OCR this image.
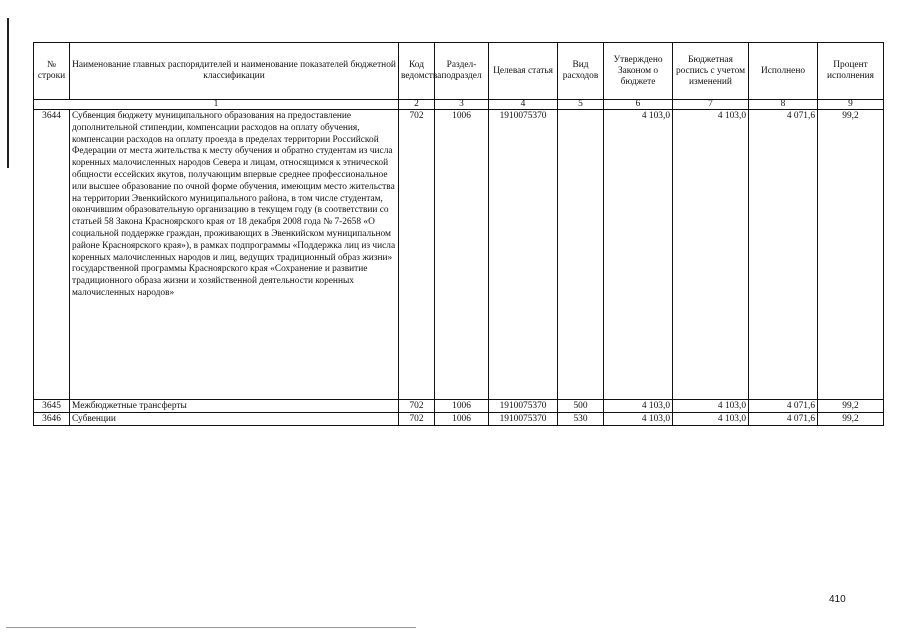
№ строки	Наименование главных распорядителей и наименование показателей бюджетной классификации	Код ведомства	Раздел-подраздел	Целевая статья	Вид расходов	Утверждено Законом о бюджете	Бюджетная роспись с учетом изменений	Исполнено	Процент исполнения
1		2	3	4	5	6	7	8	9
3644	Субвенция бюджету муниципального образования на предоставление дополнительной стипендии, компенсации расходов на оплату обучения, компенсации расходов на оплату проезда в пределах территории Российской Федерации от места жительства к месту обучения и обратно студентам из числа коренных малочисленных народов Севера и лицам, относящимся к этнической общности ессейских якутов, получающим впервые среднее профессиональное или высшее образование по очной форме обучения, имеющим место жительства на территории Эвенкийского муниципального района, в том числе студентам, окончившим образовательную организацию в текущем году (в соответствии со статьей 58 Закона Красноярского края от 18 декабря 2008 года № 7-2658 «О социальной поддержке граждан, проживающих в Эвенкийском муниципальном районе Красноярского края»), в рамках подпрограммы «Поддержка лиц из числа коренных малочисленных народов и лиц, ведущих традиционный образ жизни» государственной программы Красноярского края «Сохранение и развитие традиционного образа жизни и хозяйственной деятельности коренных малочисленных народов»	702	1006	1910075370		4 103,0	4 103,0	4 071,6	99,2
3645	Межбюджетные трансферты	702	1006	1910075370	500	4 103,0	4 103,0	4 071,6	99,2
3646	Субвенции	702	1006	1910075370	530	4 103,0	4 103,0	4 071,6	99,2
410
